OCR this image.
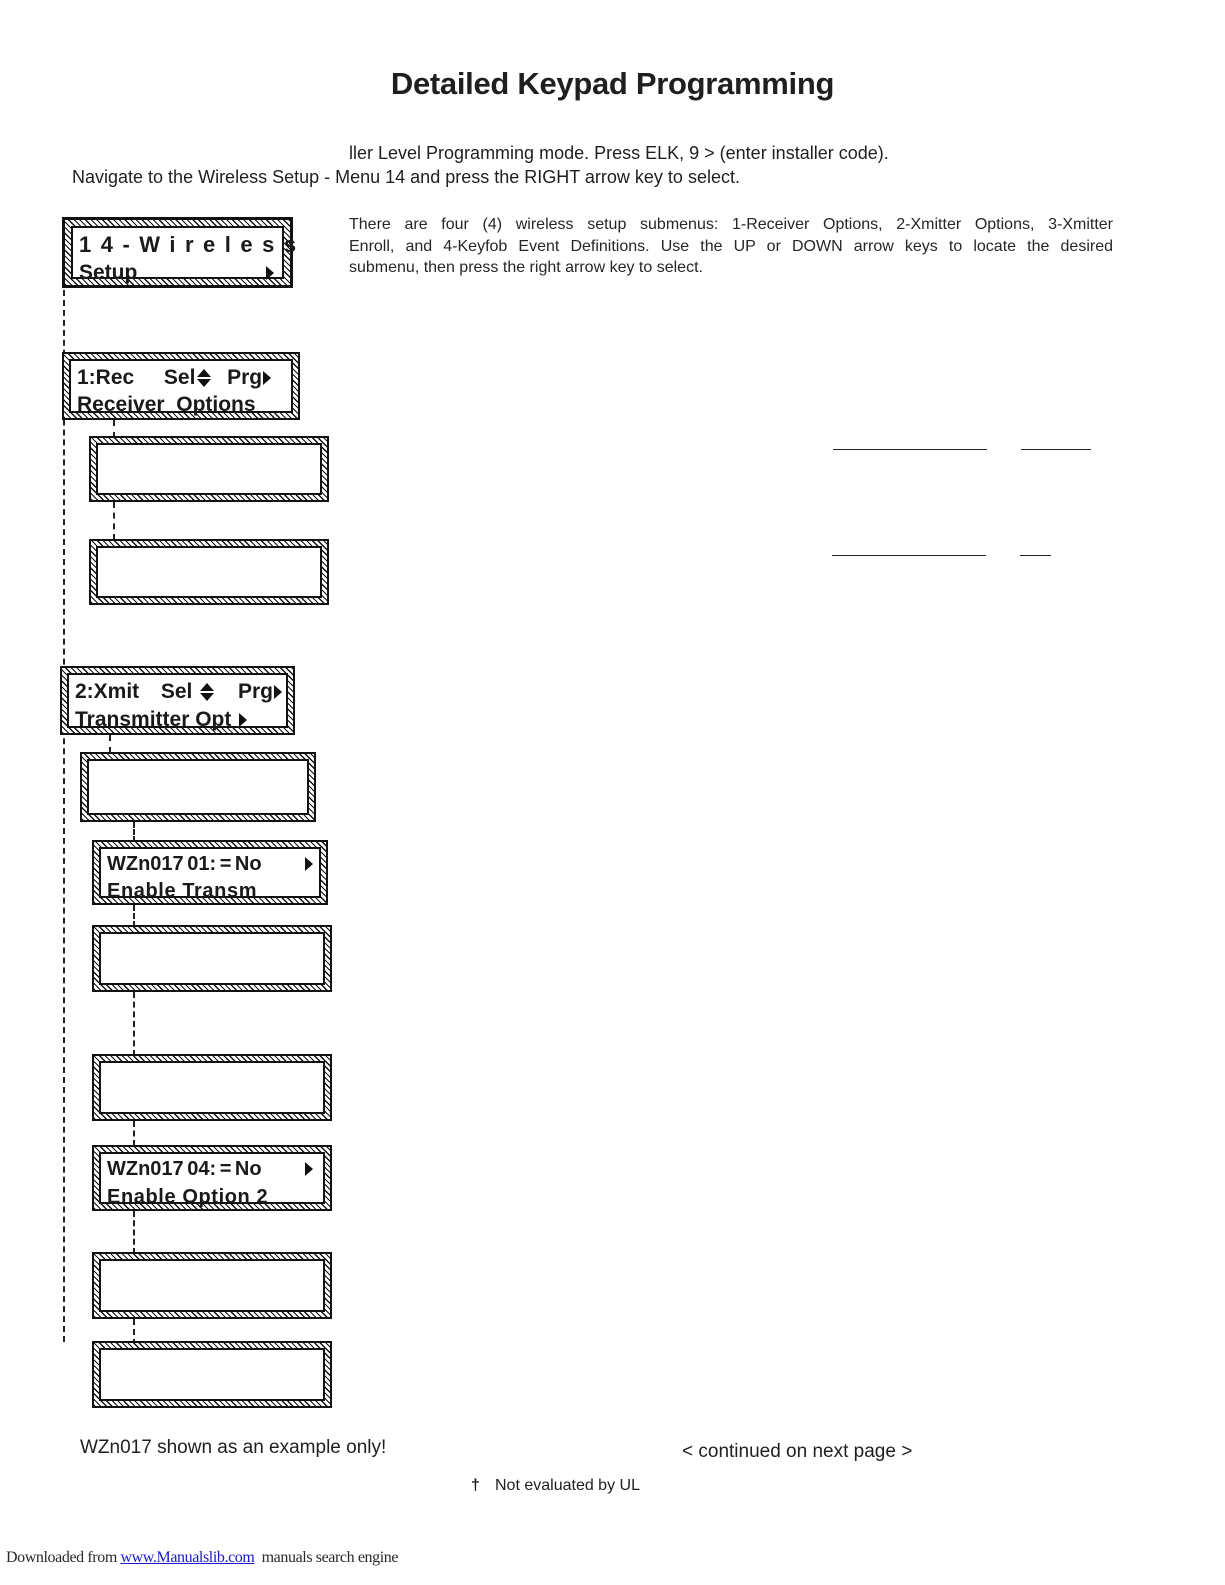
Detailed Keypad Programming
ller Level Programming mode. Press ELK, 9 > (enter installer code).
Navigate to the Wireless Setup - Menu 14 and press the RIGHT arrow key to select.
There are four (4) wireless setup submenus: 1-Receiver Options, 2-Xmitter Options, 3-Xmitter
Enroll, and 4-Keyfob Event Definitions. Use the UP or DOWN arrow keys to locate the desired
submenu, then press the right arrow key to select.
14-Wireless
Setup
1:Rec Sel Prg
Receiver  Options
2:Xmit Sel Prg
Transmitter Opt
WZn017 01: = No
Enable Transm
WZn017 04: = No
Enable Option 2
WZn017 shown as an example only!	< continued on next page >
† Not evaluated by UL
Downloaded from www.Manualslib.com  manuals search engine
